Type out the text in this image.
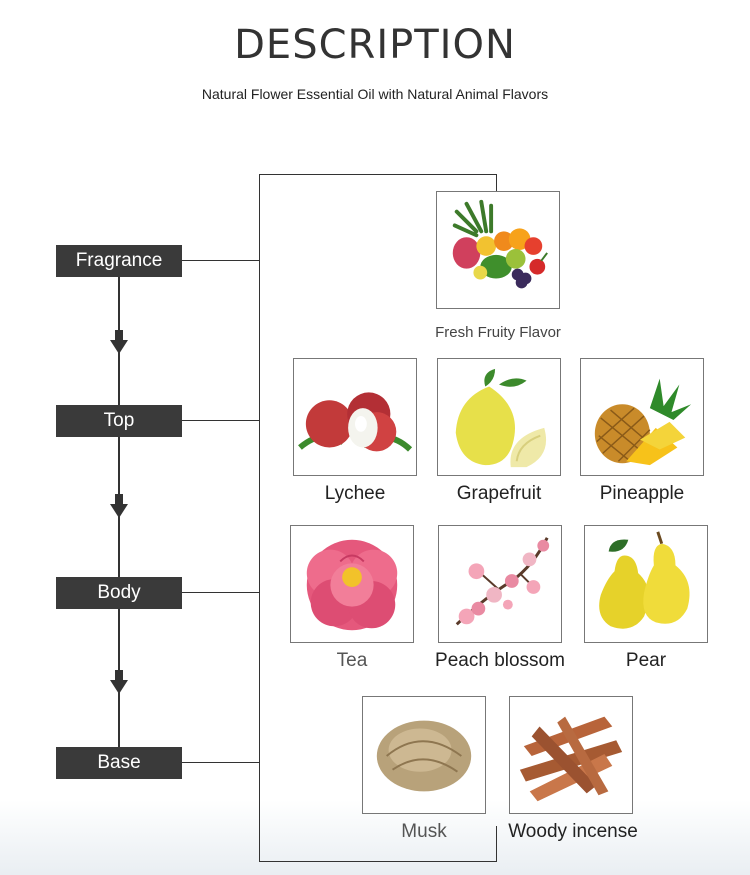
DESCRIPTION
Natural Flower Essential Oil with Natural Animal Flavors
Fragrance
Top
Body
Base
Fresh Fruity Flavor
Lychee	Grapefruit	Pineapple
Tea	Peach blossom	Pear
Musk	Woody incense
